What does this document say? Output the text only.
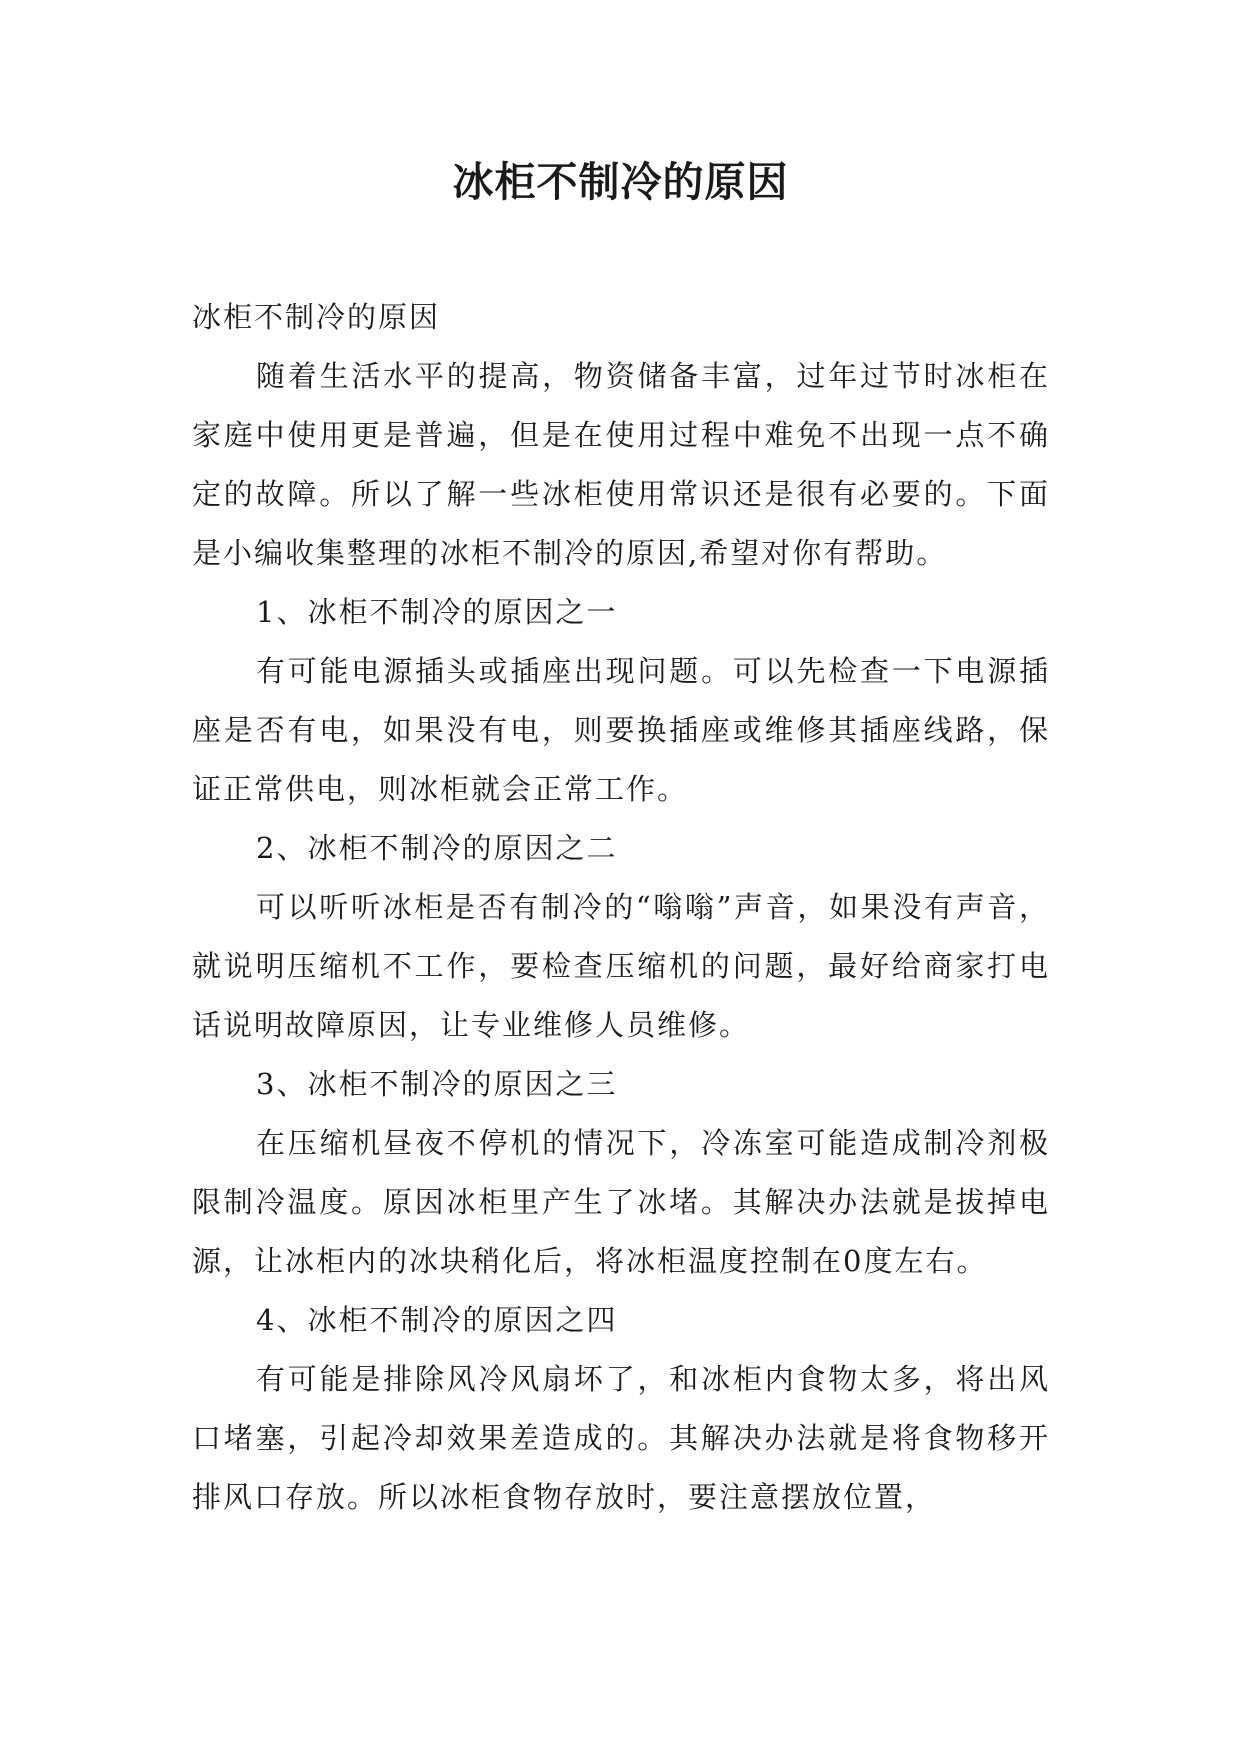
冰柜不制冷的原因

冰柜不制冷的原因

随着生活水平的提高，物资储备丰富，过年过节时冰柜在家庭中使用更是普遍，但是在使用过程中难免不出现一点不确定的故障。所以了解一些冰柜使用常识还是很有必要的。下面是小编收集整理的冰柜不制冷的原因,希望对你有帮助。

1、冰柜不制冷的原因之一

有可能电源插头或插座出现问题。可以先检查一下电源插座是否有电，如果没有电，则要换插座或维修其插座线路，保证正常供电，则冰柜就会正常工作。

2、冰柜不制冷的原因之二

可以听听冰柜是否有制冷的“嗡嗡”声音，如果没有声音，就说明压缩机不工作，要检查压缩机的问题，最好给商家打电话说明故障原因，让专业维修人员维修。

3、冰柜不制冷的原因之三

在压缩机昼夜不停机的情况下，冷冻室可能造成制冷剂极限制冷温度。原因冰柜里产生了冰堵。其解决办法就是拔掉电源，让冰柜内的冰块稍化后，将冰柜温度控制在0度左右。

4、冰柜不制冷的原因之四

有可能是排除风冷风扇坏了，和冰柜内食物太多，将出风口堵塞，引起冷却效果差造成的。其解决办法就是将食物移开排风口存放。所以冰柜食物存放时，要注意摆放位置，
